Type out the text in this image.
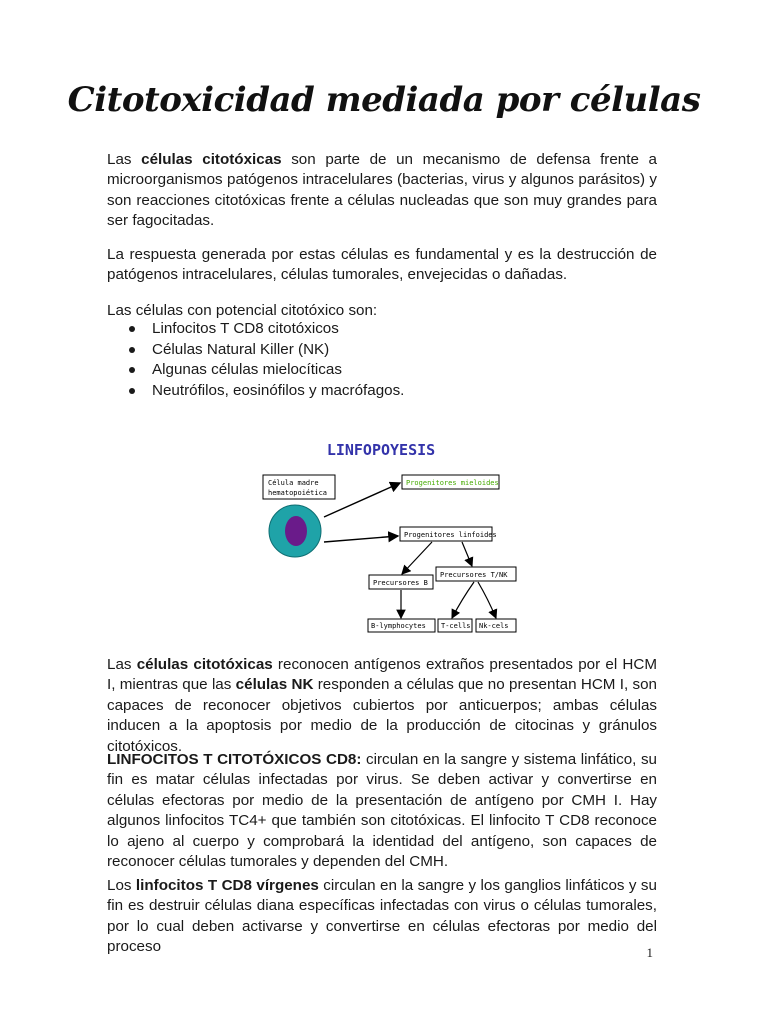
Citotoxicidad mediada por células

Las células citotóxicas son parte de un mecanismo de defensa frente a microorganismos patógenos intracelulares (bacterias, virus y algunos parásitos) y son reacciones citotóxicas frente a células nucleadas que son muy grandes para ser fagocitadas.

La respuesta generada por estas células es fundamental y es la destrucción de patógenos intracelulares, células tumorales, envejecidas o dañadas.

Las células con potencial citotóxico son:
Linfocitos T CD8 citotóxicos
Células Natural Killer (NK)
Algunas células mielocíticas
Neutrófilos, eosinófilos y macrófagos.
LINFOPOYESIS
Célula madre
hematopoiética
Progenitores mieloides
Progenitores linfoides
Precursores T/NK
Precursores B
B-lymphocytes T-cells Nk-cels

Las células citotóxicas reconocen antígenos extraños presentados por el HCM I, mientras que las células NK responden a células que no presentan HCM I, son capaces de reconocer objetivos cubiertos por anticuerpos; ambas células inducen a la apoptosis por medio de la producción de citocinas y gránulos citotóxicos.

LINFOCITOS T CITOTÓXICOS CD8: circulan en la sangre y sistema linfático, su fin es matar células infectadas por virus. Se deben activar y convertirse en células efectoras por medio de la presentación de antígeno por CMH I. Hay algunos linfocitos TC4+ que también son citotóxicas. El linfocito T CD8 reconoce lo ajeno al cuerpo y comprobará la identidad del antígeno, son capaces de reconocer células tumorales y dependen del CMH.

Los linfocitos T CD8 vírgenes circulan en la sangre y los ganglios linfáticos y su fin es destruir células diana específicas infectadas con virus o células tumorales, por lo cual deben activarse y convertirse en células efectoras por medio del proceso	1
